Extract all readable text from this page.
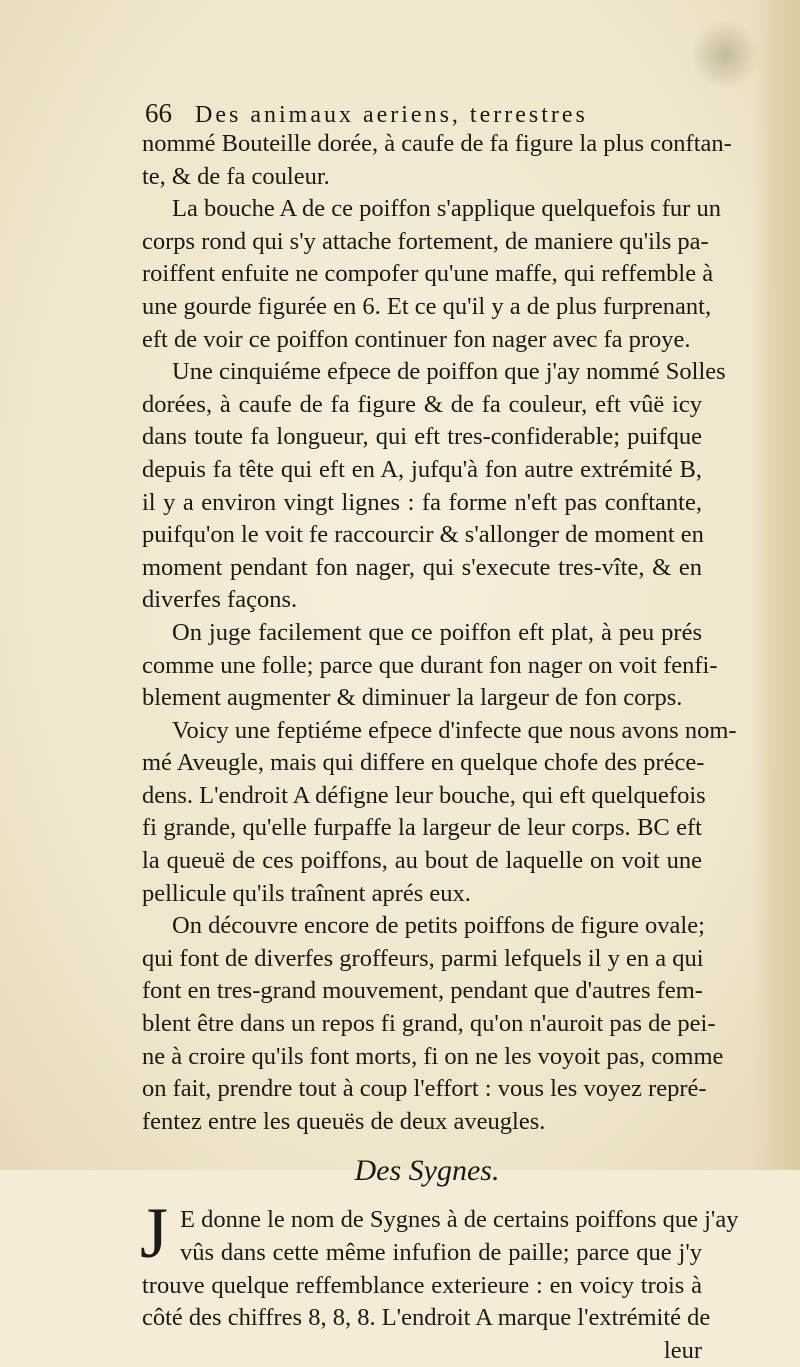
66 Des animaux aeriens, terrestres
nommé Bouteille dorée, à caufe de fa figure la plus conftan-
te, & de fa couleur.
La bouche A de ce poiffon s'applique quelquefois fur un
corps rond qui s'y attache fortement, de maniere qu'ils pa-
roiffent enfuite ne compofer qu'une maffe, qui reffemble à
une gourde figurée en 6. Et ce qu'il y a de plus furprenant,
eft de voir ce poiffon continuer fon nager avec fa proye.
Une cinquiéme efpece de poiffon que j'ay nommé Solles
dorées, à caufe de fa figure & de fa couleur, eft vûë icy
dans toute fa longueur, qui eft tres-confiderable; puifque
depuis fa tête qui eft en A, jufqu'à fon autre extrémité B,
il y a environ vingt lignes : fa forme n'eft pas conftante,
puifqu'on le voit fe raccourcir & s'allonger de moment en
moment pendant fon nager, qui s'execute tres-vîte, & en
diverfes façons.
On juge facilement que ce poiffon eft plat, à peu prés
comme une folle; parce que durant fon nager on voit fenfi-
blement augmenter & diminuer la largeur de fon corps.
Voicy une feptiéme efpece d'infecte que nous avons nom-
mé Aveugle, mais qui differe en quelque chofe des préce-
dens. L'endroit A défigne leur bouche, qui eft quelquefois
fi grande, qu'elle furpaffe la largeur de leur corps. BC eft
la queuë de ces poiffons, au bout de laquelle on voit une
pellicule qu'ils traînent aprés eux.
On découvre encore de petits poiffons de figure ovale;
qui font de diverfes groffeurs, parmi lefquels il y en a qui
font en tres-grand mouvement, pendant que d'autres fem-
blent être dans un repos fi grand, qu'on n'auroit pas de pei-
ne à croire qu'ils font morts, fi on ne les voyoit pas, comme
on fait, prendre tout à coup l'effort : vous les voyez repré-
fentez entre les queuës de deux aveugles.
Des Sygnes.
J E donne le nom de Sygnes à de certains poiffons que j'ay
vûs dans cette même infufion de paille; parce que j'y
trouve quelque reffemblance exterieure : en voicy trois à
côté des chiffres 8, 8, 8. L'endroit A marque l'extrémité de
leur
